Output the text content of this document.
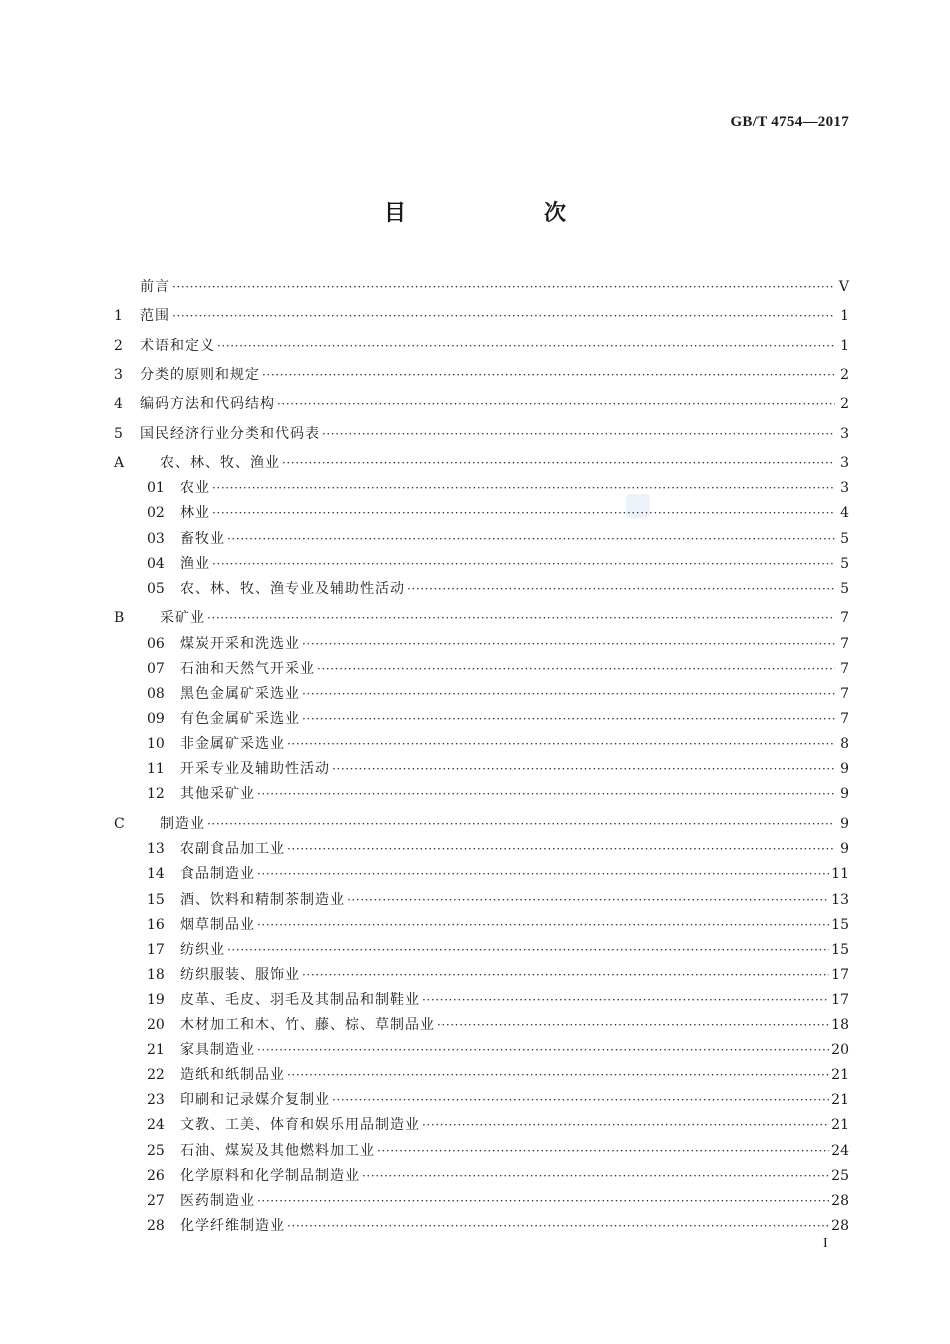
GB/T 4754—2017
目　次
前言 ·····	V
1	范围 ·····	1
2	术语和定义 ·····	1
3	分类的原则和规定 ·····	2
4	编码方法和代码结构 ·····	2
5	国民经济行业分类和代码表 ·····	3
A	农、林、牧、渔业 ·····	3
01	农业 ·····	3
02	林业 ·····	4
03	畜牧业 ·····	5
04	渔业 ·····	5
05	农、林、牧、渔专业及辅助性活动 ·····	5
B	采矿业 ·····	7
06	煤炭开采和洗选业 ·····	7
07	石油和天然气开采业 ·····	7
08	黑色金属矿采选业 ·····	7
09	有色金属矿采选业 ·····	7
10	非金属矿采选业 ·····	8
11	开采专业及辅助性活动 ·····	9
12	其他采矿业 ·····	9
C	制造业 ·····	9
13	农副食品加工业 ·····	9
14	食品制造业 ·····	11
15	酒、饮料和精制茶制造业 ·····	13
16	烟草制品业 ·····	15
17	纺织业 ·····	15
18	纺织服装、服饰业 ·····	17
19	皮革、毛皮、羽毛及其制品和制鞋业 ·····	17
20	木材加工和木、竹、藤、棕、草制品业 ·····	18
21	家具制造业 ·····	20
22	造纸和纸制品业 ·····	21
23	印刷和记录媒介复制业 ·····	21
24	文教、工美、体育和娱乐用品制造业 ·····	21
25	石油、煤炭及其他燃料加工业 ·····	24
26	化学原料和化学制品制造业 ·····	25
27	医药制造业 ·····	28
28	化学纤维制造业 ·····	28
I
